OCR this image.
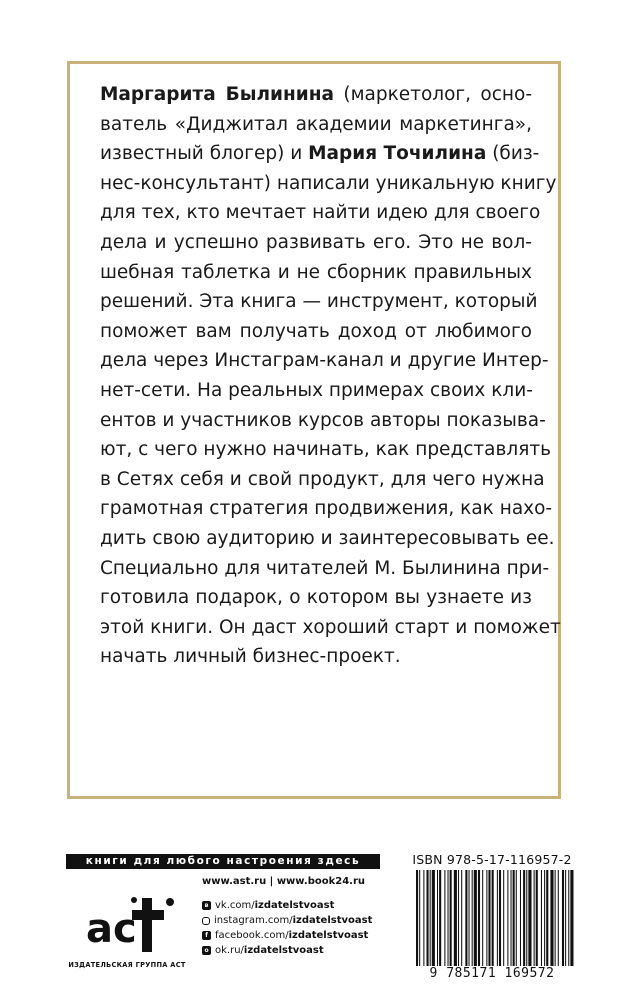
Маргарита Былинина (маркетолог, осно-
ватель «Диджитал академии маркетинга»,
известный блогер) и Мария Точилина (биз-
нес-консультант) написали уникальную книгу
для тех, кто мечтает найти идею для своего
дела и успешно развивать его. Это не вол-
шебная таблетка и не сборник правильных
решений. Эта книга — инструмент, который
поможет вам получать доход от любимого
дела через Инстаграм-канал и другие Интер-
нет-сети. На реальных примерах своих кли-
ентов и участников курсов авторы показыва-
ют, с чего нужно начинать, как представлять
в Сетях себя и свой продукт, для чего нужна
грамотная стратегия продвижения, как нахо-
дить свою аудиторию и заинтересовывать ее.
Специально для читателей М. Былинина при-
готовила подарок, о котором вы узнаете из
этой книги. Он даст хороший старт и поможет
начать личный бизнес-проект.

книги для любого настроения здесь
ac
ИЗДАТЕЛЬСКАЯ ГРУППА АСТ
www.ast.ru | www.book24.ru
в vk.com/ izdatelstvoast
instagram.com/ izdatelstvoast
f facebook.com/ izdatelstvoast
о ok.ru/ izdatelstvoast
ISBN 978-5-17-116957-2
9 785171 169572
